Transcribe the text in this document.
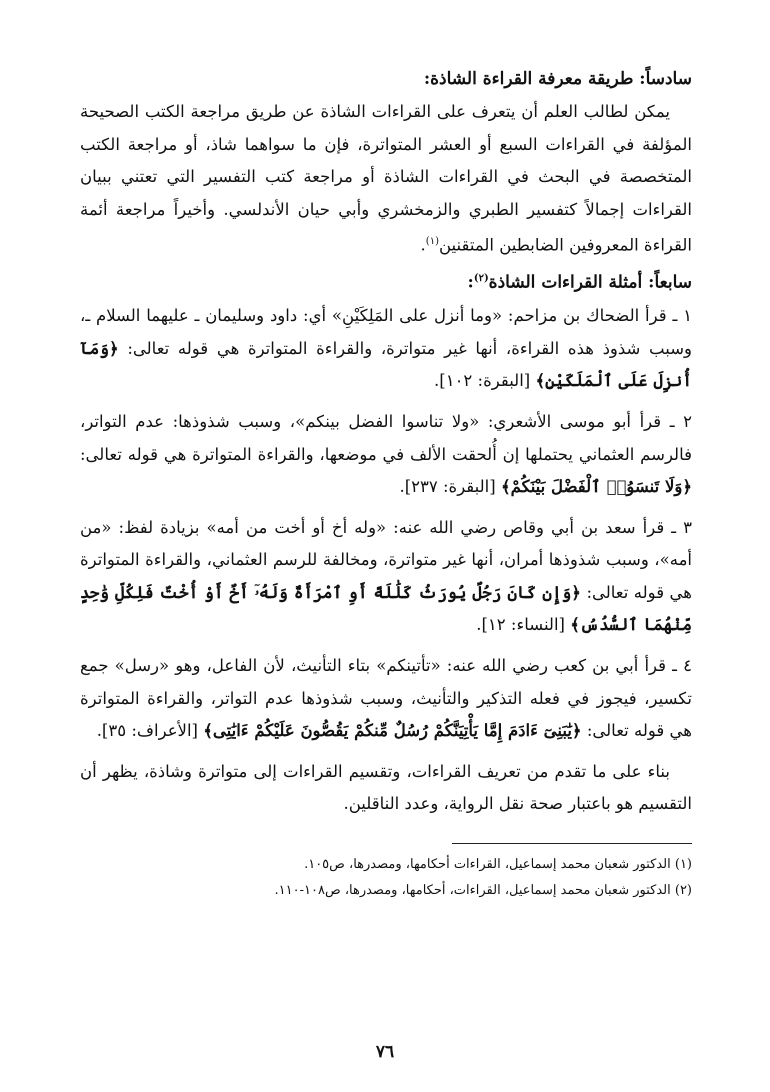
سادساً: طريقة معرفة القراءة الشاذة:

يمكن لطالب العلم أن يتعرف على القراءات الشاذة عن طريق مراجعة الكتب الصحيحة المؤلفة في القراءات السبع أو العشر المتواترة، فإن ما سواهما شاذ، أو مراجعة الكتب المتخصصة في البحث في القراءات الشاذة أو مراجعة كتب التفسير التي تعتني ببيان القراءات إجمالاً كتفسير الطبري والزمخشري وأبي حيان الأندلسي. وأخيراً مراجعة أئمة القراءة المعروفين الضابطين المتقنين$^{(١)}$.

سابعاً: أمثلة القراءات الشاذة$^{(٢)}$:

١ ـ قرأ الضحاك بن مزاحم: «وما أنزل على المَلِكَيْنِ» أي: داود وسليمان ـ عليهما السلام ـ، وسبب شذوذ هذه القراءة، أنها غير متواترة، والقراءة المتواترة هي قوله تعالى: ﴿وَمَآ أُنزِلَ عَلَى ٱلْمَلَكَيْنِ﴾ [البقرة: ١٠٢].

٢ ـ قرأ أبو موسى الأشعري: «ولا تناسوا الفضل بينكم»، وسبب شذوذها: عدم التواتر، فالرسم العثماني يحتملها إن أُلحقت الألف في موضعها، والقراءة المتواترة هي قوله تعالى: ﴿وَلَا تَنسَوُا۟ ٱلْفَضْلَ بَيْنَكُمْ﴾ [البقرة: ٢٣٧].

٣ ـ قرأ سعد بن أبي وقاص رضي الله عنه: «وله أخ أو أخت من أمه» بزيادة لفظ: «من أمه»، وسبب شذوذها أمران، أنها غير متواترة، ومخالفة للرسم العثماني، والقراءة المتواترة هي قوله تعالى: ﴿وَإِن كَانَ رَجُلٌ يُورَثُ كَلَٰلَةً أَوِ ٱمْرَأَةٌ وَلَهُۥٓ أَخٌ أَوْ أُخْتٌ فَلِكُلِّ وَٰحِدٍ مِّنْهُمَا ٱلسُّدُسُ﴾ [النساء: ١٢].

٤ ـ قرأ أبي بن كعب رضي الله عنه: «تأتينكم» بتاء التأنيث، لأن الفاعل، وهو «رسل» جمع تكسير، فيجوز في فعله التذكير والتأنيث، وسبب شذوذها عدم التواتر، والقراءة المتواترة هي قوله تعالى: ﴿يَٰبَنِىٓ ءَادَمَ إِمَّا يَأْتِيَنَّكُمْ رُسُلٌ مِّنكُمْ يَقُصُّونَ عَلَيْكُمْ ءَايَٰتِى﴾ [الأعراف: ٣٥].

بناء على ما تقدم من تعريف القراءات، وتقسيم القراءات إلى متواترة وشاذة، يظهر أن التقسيم هو باعتبار صحة نقل الرواية، وعدد الناقلين.

(١) الدكتور شعبان محمد إسماعيل، القراءات أحكامها، ومصدرها، ص١٠٥.
(٢) الدكتور شعبان محمد إسماعيل، القراءات، أحكامها، ومصدرها، ص١٠٨-١١٠.
٧٦
